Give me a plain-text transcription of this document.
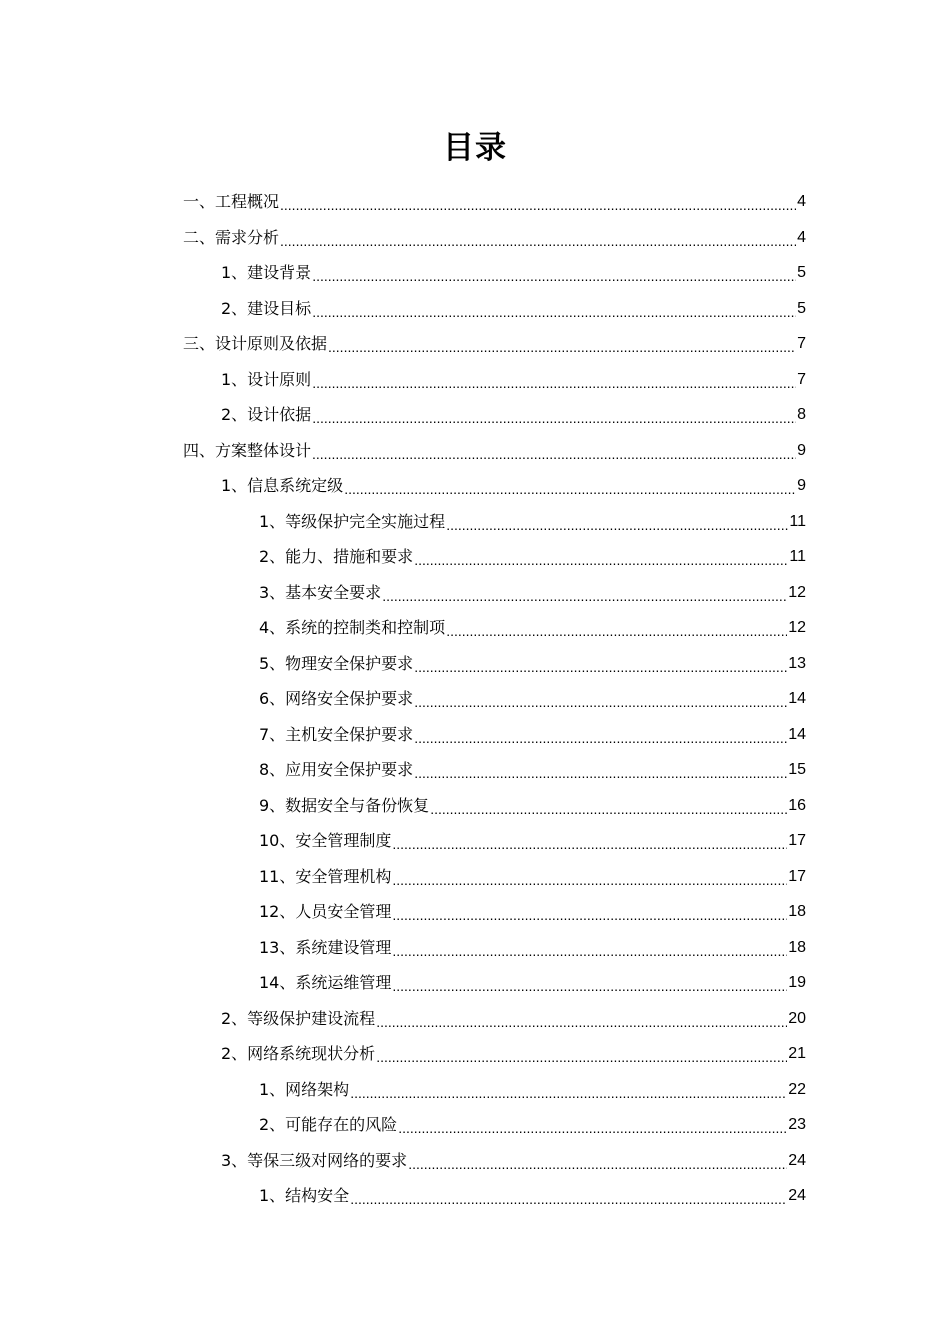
目录
一、工程概况 .....	4
二、需求分析 .....	4
1、建设背景 .....	5
2、建设目标 .....	5
三、设计原则及依据 .....	7
1、设计原则 .....	7
2、设计依据 .....	8
四、方案整体设计 .....	9
1、信息系统定级 .....	9
1、等级保护完全实施过程 .....	11
2、能力、措施和要求 .....	11
3、基本安全要求 .....	12
4、系统的控制类和控制项 .....	12
5、物理安全保护要求 .....	13
6、网络安全保护要求 .....	14
7、主机安全保护要求 .....	14
8、应用安全保护要求 .....	15
9、数据安全与备份恢复 .....	16
10、安全管理制度 .....	17
11、安全管理机构 .....	17
12、人员安全管理 .....	18
13、系统建设管理 .....	18
14、系统运维管理 .....	19
2、等级保护建设流程 .....	20
2、网络系统现状分析 .....	21
1、网络架构 .....	22
2、可能存在的风险 .....	23
3、等保三级对网络的要求 .....	24
1、结构安全 .....	24
